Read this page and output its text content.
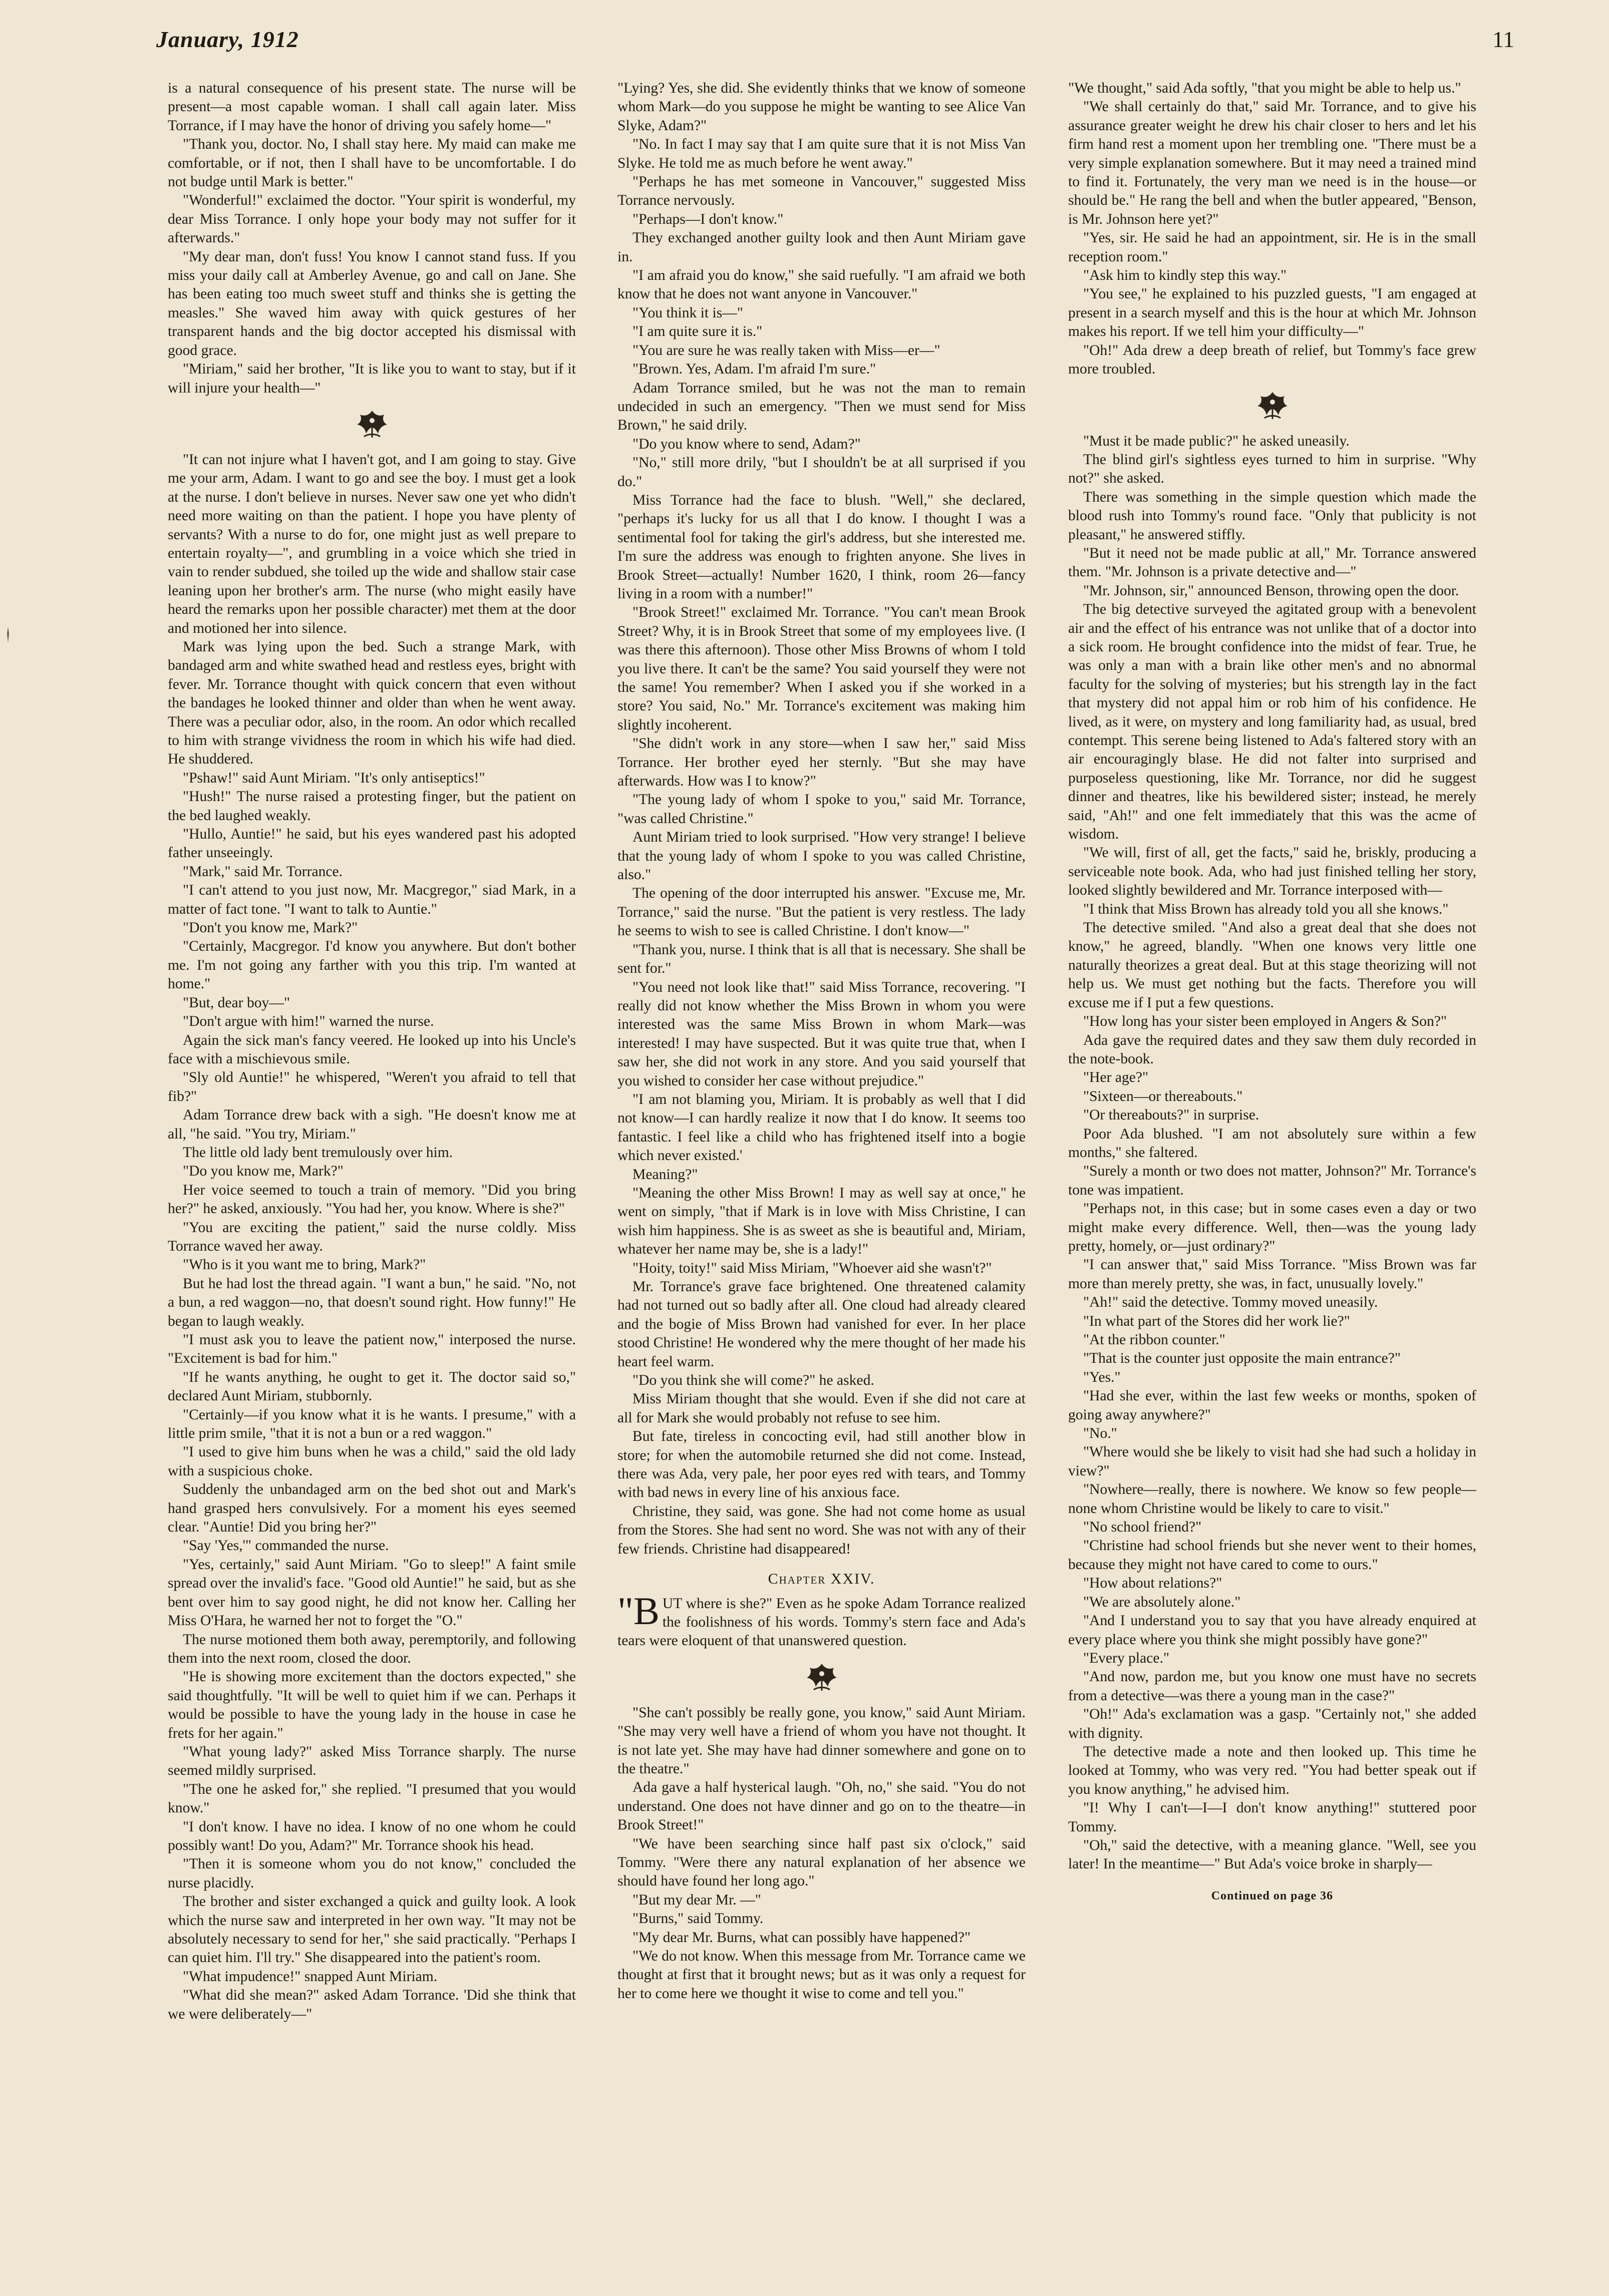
January, 1912	11

is a natural consequence of his present state. The nurse will be present—a most capable woman. I shall call again later. Miss Torrance, if I may have the honor of driving you safely home—"

"Thank you, doctor. No, I shall stay here. My maid can make me comfortable, or if not, then I shall have to be uncomfortable. I do not budge until Mark is better."

"Wonderful!" exclaimed the doctor. "Your spirit is wonderful, my dear Miss Torrance. I only hope your body may not suffer for it afterwards."

"My dear man, don't fuss! You know I cannot stand fuss. If you miss your daily call at Amberley Avenue, go and call on Jane. She has been eating too much sweet stuff and thinks she is getting the measles." She waved him away with quick gestures of her transparent hands and the big doctor accepted his dismissal with good grace.

"Miriam," said her brother, "It is like you to want to stay, but if it will injure your health—"

"It can not injure what I haven't got, and I am going to stay. Give me your arm, Adam. I want to go and see the boy. I must get a look at the nurse. I don't believe in nurses. Never saw one yet who didn't need more waiting on than the patient. I hope you have plenty of servants? With a nurse to do for, one might just as well prepare to entertain royalty—", and grumbling in a voice which she tried in vain to render subdued, she toiled up the wide and shallow stair case leaning upon her brother's arm. The nurse (who might easily have heard the remarks upon her possible character) met them at the door and motioned her into silence.

Mark was lying upon the bed. Such a strange Mark, with bandaged arm and white swathed head and restless eyes, bright with fever. Mr. Torrance thought with quick concern that even without the bandages he looked thinner and older than when he went away. There was a peculiar odor, also, in the room. An odor which recalled to him with strange vividness the room in which his wife had died. He shuddered.

"Pshaw!" said Aunt Miriam. "It's only antiseptics!"

"Hush!" The nurse raised a protesting finger, but the patient on the bed laughed weakly.

"Hullo, Auntie!" he said, but his eyes wandered past his adopted father unseeingly.

"Mark," said Mr. Torrance.

"I can't attend to you just now, Mr. Macgregor," siad Mark, in a matter of fact tone. "I want to talk to Auntie."

"Don't you know me, Mark?"

"Certainly, Macgregor. I'd know you anywhere. But don't bother me. I'm not going any farther with you this trip. I'm wanted at home."

"But, dear boy—"

"Don't argue with him!" warned the nurse.

Again the sick man's fancy veered. He looked up into his Uncle's face with a mischievous smile.

"Sly old Auntie!" he whispered, "Weren't you afraid to tell that fib?"

Adam Torrance drew back with a sigh. "He doesn't know me at all, "he said. "You try, Miriam."

The little old lady bent tremulously over him.

"Do you know me, Mark?"

Her voice seemed to touch a train of memory. "Did you bring her?" he asked, anxiously. "You had her, you know. Where is she?"

"You are exciting the patient," said the nurse coldly. Miss Torrance waved her away.

"Who is it you want me to bring, Mark?"

But he had lost the thread again. "I want a bun," he said. "No, not a bun, a red waggon—no, that doesn't sound right. How funny!" He began to laugh weakly.

"I must ask you to leave the patient now," interposed the nurse. "Excitement is bad for him."

"If he wants anything, he ought to get it. The doctor said so," declared Aunt Miriam, stubbornly.

"Certainly—if you know what it is he wants. I presume," with a little prim smile, "that it is not a bun or a red waggon."

"I used to give him buns when he was a child," said the old lady with a suspicious choke.

Suddenly the unbandaged arm on the bed shot out and Mark's hand grasped hers convulsively. For a moment his eyes seemed clear. "Auntie! Did you bring her?"

"Say 'Yes,'" commanded the nurse.

"Yes, certainly," said Aunt Miriam. "Go to sleep!" A faint smile spread over the invalid's face. "Good old Auntie!" he said, but as she bent over him to say good night, he did not know her. Calling her Miss O'Hara, he warned her not to forget the "O."

The nurse motioned them both away, peremptorily, and following them into the next room, closed the door.

"He is showing more excitement than the doctors expected," she said thoughtfully. "It will be well to quiet him if we can. Perhaps it would be possible to have the young lady in the house in case he frets for her again."

"What young lady?" asked Miss Torrance sharply. The nurse seemed mildly surprised.

"The one he asked for," she replied. "I presumed that you would know."

"I don't know. I have no idea. I know of no one whom he could possibly want! Do you, Adam?" Mr. Torrance shook his head.

"Then it is someone whom you do not know," concluded the nurse placidly.

The brother and sister exchanged a quick and guilty look. A look which the nurse saw and interpreted in her own way. "It may not be absolutely necessary to send for her," she said practically. "Perhaps I can quiet him. I'll try." She disappeared into the patient's room.

"What impudence!" snapped Aunt Miriam.

"What did she mean?" asked Adam Torrance. 'Did she think that we were deliberately—"

"Lying? Yes, she did. She evidently thinks that we know of someone whom Mark—do you suppose he might be wanting to see Alice Van Slyke, Adam?"

"No. In fact I may say that I am quite sure that it is not Miss Van Slyke. He told me as much before he went away."

"Perhaps he has met someone in Vancouver," suggested Miss Torrance nervously.

"Perhaps—I don't know."

They exchanged another guilty look and then Aunt Miriam gave in.

"I am afraid you do know," she said ruefully. "I am afraid we both know that he does not want anyone in Vancouver."

"You think it is—"

"I am quite sure it is."

"You are sure he was really taken with Miss—er—"

"Brown. Yes, Adam. I'm afraid I'm sure."

Adam Torrance smiled, but he was not the man to remain undecided in such an emergency. "Then we must send for Miss Brown," he said drily.

"Do you know where to send, Adam?"

"No," still more drily, "but I shouldn't be at all surprised if you do."

Miss Torrance had the face to blush. "Well," she declared, "perhaps it's lucky for us all that I do know. I thought I was a sentimental fool for taking the girl's address, but she interested me. I'm sure the address was enough to frighten anyone. She lives in Brook Street—actually! Number 1620, I think, room 26—fancy living in a room with a number!"

"Brook Street!" exclaimed Mr. Torrance. "You can't mean Brook Street? Why, it is in Brook Street that some of my employees live. (I was there this afternoon). Those other Miss Browns of whom I told you live there. It can't be the same? You said yourself they were not the same! You remember? When I asked you if she worked in a store? You said, No." Mr. Torrance's excitement was making him slightly incoherent.

"She didn't work in any store—when I saw her," said Miss Torrance. Her brother eyed her sternly. "But she may have afterwards. How was I to know?"

"The young lady of whom I spoke to you," said Mr. Torrance, "was called Christine."

Aunt Miriam tried to look surprised. "How very strange! I believe that the young lady of whom I spoke to you was called Christine, also."

The opening of the door interrupted his answer. "Excuse me, Mr. Torrance," said the nurse. "But the patient is very restless. The lady he seems to wish to see is called Christine. I don't know—"

"Thank you, nurse. I think that is all that is necessary. She shall be sent for."

"You need not look like that!" said Miss Torrance, recovering. "I really did not know whether the Miss Brown in whom you were interested was the same Miss Brown in whom Mark—was interested! I may have suspected. But it was quite true that, when I saw her, she did not work in any store. And you said yourself that you wished to consider her case without prejudice."

"I am not blaming you, Miriam. It is probably as well that I did not know—I can hardly realize it now that I do know. It seems too fantastic. I feel like a child who has frightened itself into a bogie which never existed.'

Meaning?"

"Meaning the other Miss Brown! I may as well say at once," he went on simply, "that if Mark is in love with Miss Christine, I can wish him happiness. She is as sweet as she is beautiful and, Miriam, whatever her name may be, she is a lady!"

"Hoity, toity!" said Miss Miriam, "Whoever aid she wasn't?"

Mr. Torrance's grave face brightened. One threatened calamity had not turned out so badly after all. One cloud had already cleared and the bogie of Miss Brown had vanished for ever. In her place stood Christine! He wondered why the mere thought of her made his heart feel warm.

"Do you think she will come?" he asked.

Miss Miriam thought that she would. Even if she did not care at all for Mark she would probably not refuse to see him.

But fate, tireless in concocting evil, had still another blow in store; for when the automobile returned she did not come. Instead, there was Ada, very pale, her poor eyes red with tears, and Tommy with bad news in every line of his anxious face.

Christine, they said, was gone. She had not come home as usual from the Stores. She had sent no word. She was not with any of their few friends. Christine had disappeared!

Chapter XXIV.

"BUT where is she?" Even as he spoke Adam Torrance realized the foolishness of his words. Tommy's stern face and Ada's tears were eloquent of that unanswered question.

"She can't possibly be really gone, you know," said Aunt Miriam. "She may very well have a friend of whom you have not thought. It is not late yet. She may have had dinner somewhere and gone on to the theatre."

Ada gave a half hysterical laugh. "Oh, no," she said. "You do not understand. One does not have dinner and go on to the theatre—in Brook Street!"

"We have been searching since half past six o'clock," said Tommy. "Were there any natural explanation of her absence we should have found her long ago."

"But my dear Mr. —"

"Burns," said Tommy.

"My dear Mr. Burns, what can possibly have happened?"

"We do not know. When this message from Mr. Torrance came we thought at first that it brought news; but as it was only a request for her to come here we thought it wise to come and tell you."

"We thought," said Ada softly, "that you might be able to help us."

"We shall certainly do that," said Mr. Torrance, and to give his assurance greater weight he drew his chair closer to hers and let his firm hand rest a moment upon her trembling one. "There must be a very simple explanation somewhere. But it may need a trained mind to find it. Fortunately, the very man we need is in the house—or should be." He rang the bell and when the butler appeared, "Benson, is Mr. Johnson here yet?"

"Yes, sir. He said he had an appointment, sir. He is in the small reception room."

"Ask him to kindly step this way."

"You see," he explained to his puzzled guests, "I am engaged at present in a search myself and this is the hour at which Mr. Johnson makes his report. If we tell him your difficulty—"

"Oh!" Ada drew a deep breath of relief, but Tommy's face grew more troubled.

"Must it be made public?" he asked uneasily.

The blind girl's sightless eyes turned to him in surprise. "Why not?" she asked.

There was something in the simple question which made the blood rush into Tommy's round face. "Only that publicity is not pleasant," he answered stiffly.

"But it need not be made public at all," Mr. Torrance answered them. "Mr. Johnson is a private detective and—"

"Mr. Johnson, sir," announced Benson, throwing open the door.

The big detective surveyed the agitated group with a benevolent air and the effect of his entrance was not unlike that of a doctor into a sick room. He brought confidence into the midst of fear. True, he was only a man with a brain like other men's and no abnormal faculty for the solving of mysteries; but his strength lay in the fact that mystery did not appal him or rob him of his confidence. He lived, as it were, on mystery and long familiarity had, as usual, bred contempt. This serene being listened to Ada's faltered story with an air encouragingly blase. He did not falter into surprised and purposeless questioning, like Mr. Torrance, nor did he suggest dinner and theatres, like his bewildered sister; instead, he merely said, "Ah!" and one felt immediately that this was the acme of wisdom.

"We will, first of all, get the facts," said he, briskly, producing a serviceable note book. Ada, who had just finished telling her story, looked slightly bewildered and Mr. Torrance interposed with—

"I think that Miss Brown has already told you all she knows."

The detective smiled. "And also a great deal that she does not know," he agreed, blandly. "When one knows very little one naturally theorizes a great deal. But at this stage theorizing will not help us. We must get nothing but the facts. Therefore you will excuse me if I put a few questions.

"How long has your sister been employed in Angers & Son?"

Ada gave the required dates and they saw them duly recorded in the note-book.

"Her age?"

"Sixteen—or thereabouts."

"Or thereabouts?" in surprise.

Poor Ada blushed. "I am not absolutely sure within a few months," she faltered.

"Surely a month or two does not matter, Johnson?" Mr. Torrance's tone was impatient.

"Perhaps not, in this case; but in some cases even a day or two might make every difference. Well, then—was the young lady pretty, homely, or—just ordinary?"

"I can answer that," said Miss Torrance. "Miss Brown was far more than merely pretty, she was, in fact, unusually lovely."

"Ah!" said the detective. Tommy moved uneasily.

"In what part of the Stores did her work lie?"

"At the ribbon counter."

"That is the counter just opposite the main entrance?"

"Yes."

"Had she ever, within the last few weeks or months, spoken of going away anywhere?"

"No."

"Where would she be likely to visit had she had such a holiday in view?"

"Nowhere—really, there is nowhere. We know so few people— none whom Christine would be likely to care to visit."

"No school friend?"

"Christine had school friends but she never went to their homes, because they might not have cared to come to ours."

"How about relations?"

"We are absolutely alone."

"And I understand you to say that you have already enquired at every place where you think she might possibly have gone?"

"Every place."

"And now, pardon me, but you know one must have no secrets from a detective—was there a young man in the case?"

"Oh!" Ada's exclamation was a gasp. "Certainly not," she added with dignity.

The detective made a note and then looked up. This time he looked at Tommy, who was very red. "You had better speak out if you know anything," he advised him.

"I! Why I can't—I—I don't know anything!" stuttered poor Tommy.

"Oh," said the detective, with a meaning glance. "Well, see you later! In the meantime—" But Ada's voice broke in sharply—

Continued on page 36
